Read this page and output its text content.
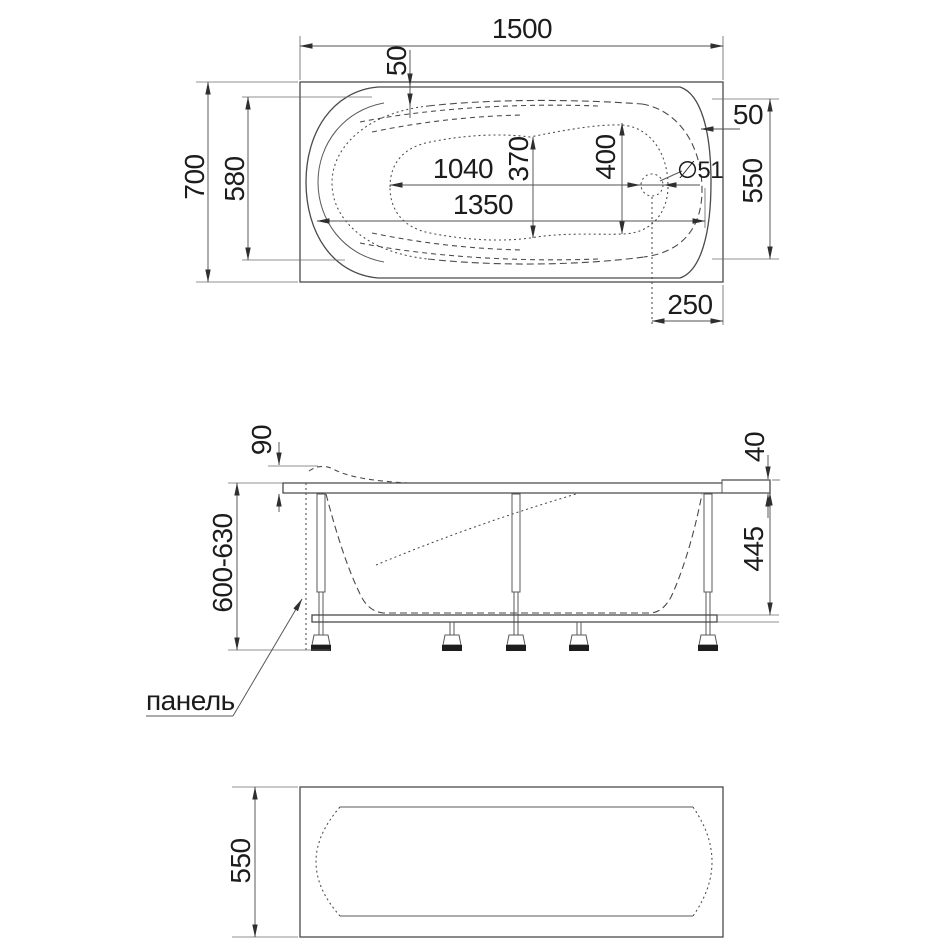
1500
50
700 580	1040
1350
370 400 ∅51
50
550
250
90
600-630
40
445
панель
550
